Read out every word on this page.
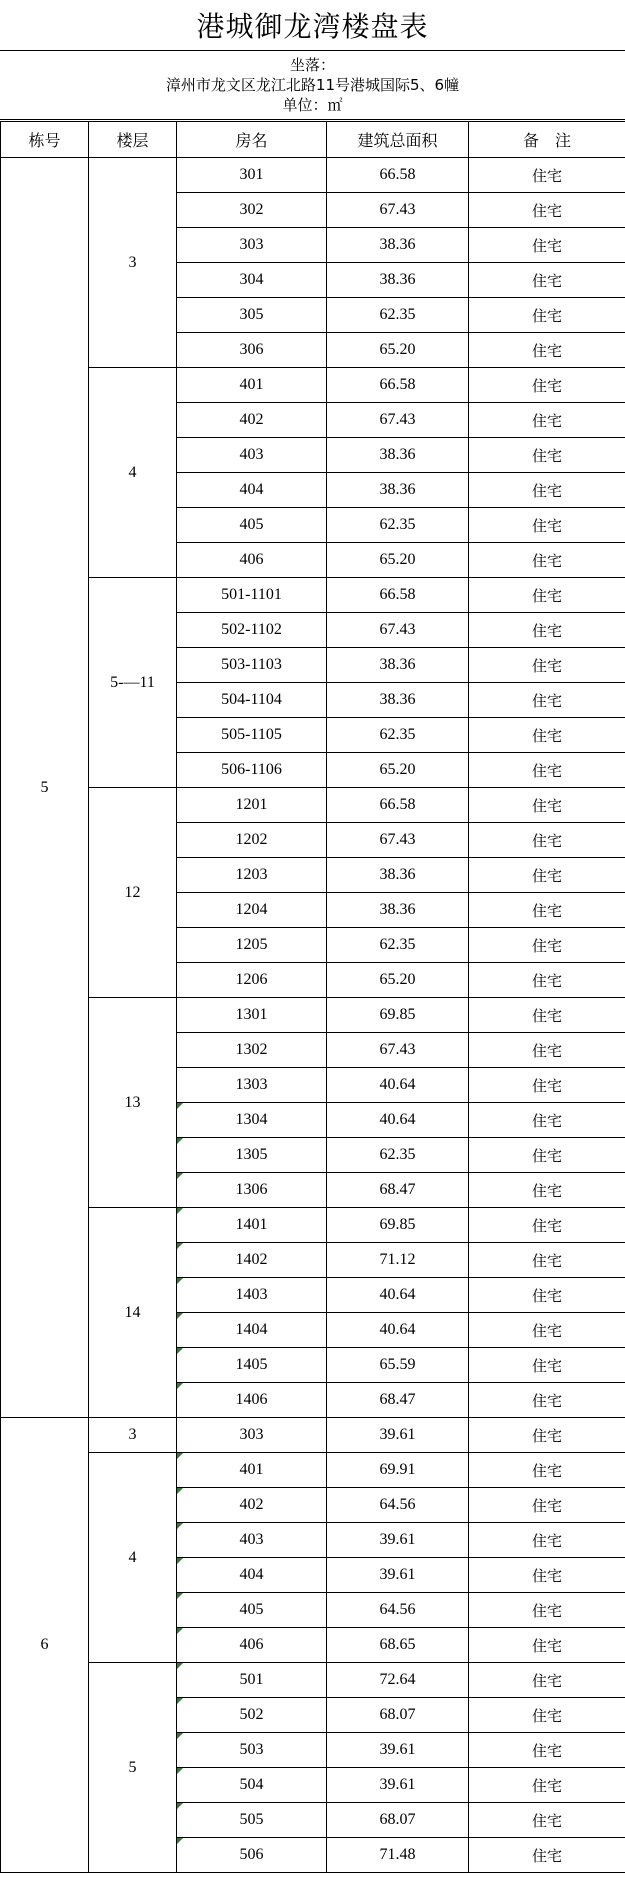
港城御龙湾楼盘表
坐落：
漳州市龙文区龙江北路11号港城国际5、6幢
单位：㎡
栋号	楼层	房名	建筑总面积	备　注
5	3	301	66.58	住宅
		302	67.43	住宅
		303	38.36	住宅
		304	38.36	住宅
		305	62.35	住宅
		306	65.20	住宅
	4	401	66.58	住宅
		402	67.43	住宅
		403	38.36	住宅
		404	38.36	住宅
		405	62.35	住宅
		406	65.20	住宅
	5-—11	501-1101	66.58	住宅
		502-1102	67.43	住宅
		503-1103	38.36	住宅
		504-1104	38.36	住宅
		505-1105	62.35	住宅
		506-1106	65.20	住宅
	12	1201	66.58	住宅
		1202	67.43	住宅
		1203	38.36	住宅
		1204	38.36	住宅
		1205	62.35	住宅
		1206	65.20	住宅
	13	1301	69.85	住宅
		1302	67.43	住宅
		1303	40.64	住宅
		1304	40.64	住宅
		1305	62.35	住宅
		1306	68.47	住宅
	14	1401	69.85	住宅
		1402	71.12	住宅
		1403	40.64	住宅
		1404	40.64	住宅
		1405	65.59	住宅
		1406	68.47	住宅
6	3	303	39.61	住宅
	4	401	69.91	住宅
		402	64.56	住宅
		403	39.61	住宅
		404	39.61	住宅
		405	64.56	住宅
		406	68.65	住宅
	5	501	72.64	住宅
		502	68.07	住宅
		503	39.61	住宅
		504	39.61	住宅
		505	68.07	住宅
		506	71.48	住宅
